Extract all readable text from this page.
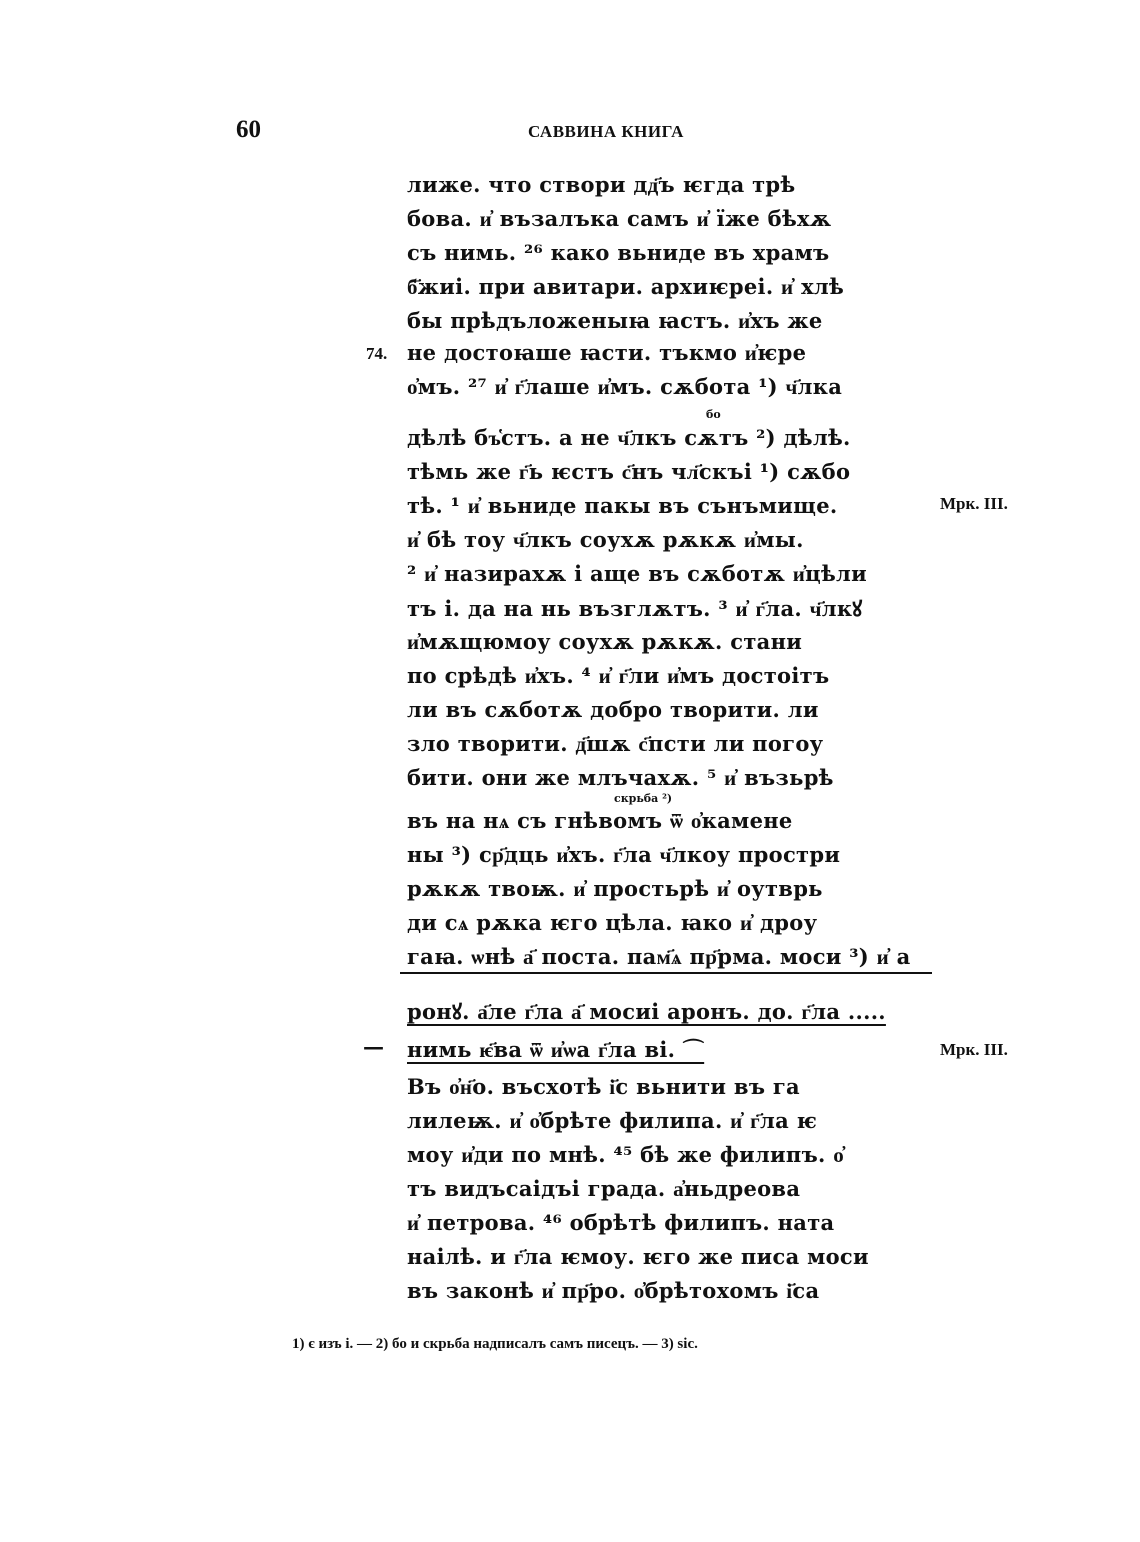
60	САВВИНА КНИГА
лиже. что створи дд҃ъ ѥгда трѣ
бова. и҆ възалъка самъ и҆ їже бѣхѫ
съ нимь. ²⁶ како вьниде въ храмъ
б҃жиі. при авитари. архиѥреі. и҆ хлѣ
бы прѣдъложеныꙗ ꙗстъ. и҆хъ же
74. не достоꙗше ꙗсти. тъкмо и҆ѥре
о҆мъ. ²⁷ и҆ г҃лаше и҆мъ. сѫбота ¹) ч҃лка
бо
дѣлѣ бъ҅стъ. а не ч҃лкъ сѫтъ ²) дѣлѣ.
тѣмь же г҃ь ѥстъ с҃нъ чл҃скъі ¹) сѫбо
тѣ. ¹ и҆ вьниде пакы въ сънъмище.	Мрк. III.
и҆ бѣ тоу ч҃лкъ соухѫ рѫкѫ и҆мы.
² и҆ назирахѫ і аще въ сѫботѫ и҆цѣли
тъ і. да на нь възглѫтъ. ³ и҆ г҃ла. ч҃лкꙋ
и҆мѫщюмоу соухѫ рѫкѫ. стани
по срѣдѣ и҆хъ. ⁴ и҆ г҃ли и҆мъ достоітъ
ли въ сѫботѫ добро творити. ли
зло творити. д҃шѫ с҃псти ли погоу
бити. они же млъчахѫ. ⁵ и҆ възьрѣ
скрьба ²)
въ на нѧ съ гнѣвомъ ѿ о҆камене
ны ³) ср҃дць и҆хъ. г҃ла ч҃лкоу простри
рѫкѫ твоѭ. и҆ простьрѣ и҆ оутврь
ди сѧ рѫка ѥго цѣла. ꙗко и҆ дроу
гаꙗ. ѡнѣ а҃ поста. пам҃ѧ пр҃рма. моси ³) и҆ а
ронꙋ. а҃ле г҃ла а҃ мосиі аронъ. до. г҃ла .....
— нимь ѥ҃ва ѿ и҆ѡа г҃ла ві. ⌒	Мрк. III.
Въ о҆н҃о. въсхотѣ і҃с вьнити въ га
лилеѭ. и҆ о҆брѣте филипа. и҆ г҃ла ѥ
моу и҆ди по мнѣ. ⁴⁵ бѣ же филипъ. о҆
тъ видъсаідъі града. а҆ньдреова
и҆ петрова. ⁴⁶ обрѣтѣ филипъ. ната
наілѣ. и г҃ла ѥмоу. ѥго же писа моси
въ законѣ и҆ пр҃ро. о҆брѣтохомъ і҃са
1) є изъ і. — 2) бо и скрьба надписалъ самъ писецъ. — 3) sic.
